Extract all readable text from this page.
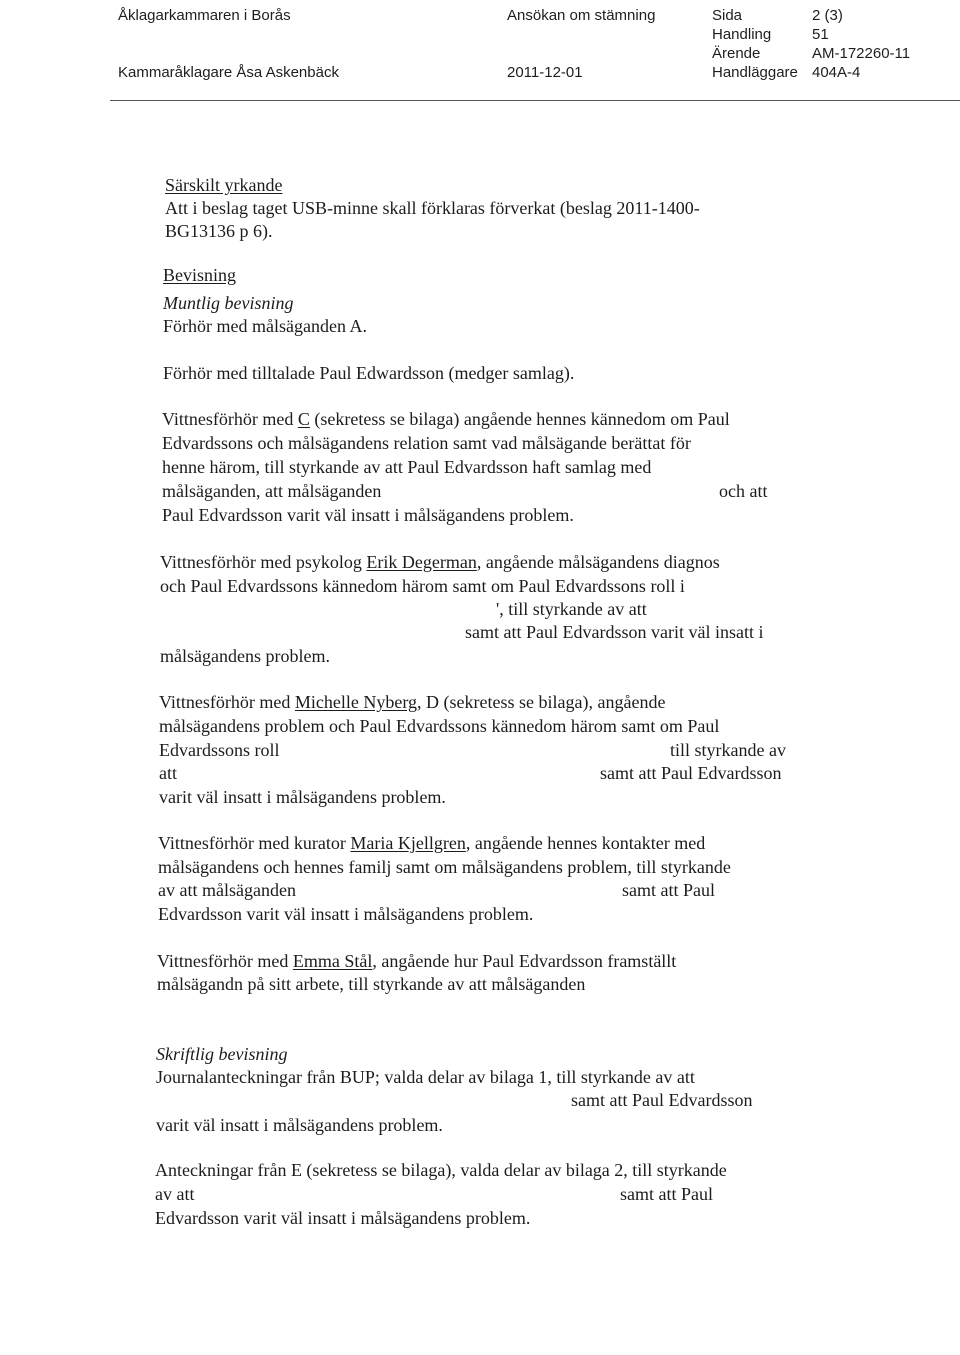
Åklagarkammaren i Borås	Ansökan om stämning
Kammaråklagare Åsa Askenbäck	2011-12-01
Sida	2 (3)
Handling	51
Ärende	AM-172260-11
Handläggare 404A-4
Särskilt yrkande
Att i beslag taget USB-minne skall förklaras förverkat (beslag 2011-1400-
BG13136 p 6).
Bevisning
Muntlig bevisning
Förhör med målsäganden A.
Förhör med tilltalade Paul Edwardsson (medger samlag).
Vittnesförhör med C (sekretess se bilaga) angående hennes kännedom om Paul
Edvardssons och målsägandens relation samt vad målsägande berättat för
henne härom, till styrkande av att Paul Edvardsson haft samlag med
målsäganden, att målsäganden	och att
Paul Edvardsson varit väl insatt i målsägandens problem.
Vittnesförhör med psykolog Erik Degerman, angående målsägandens diagnos
och Paul Edvardssons kännedom härom samt om Paul Edvardssons roll i
', till styrkande av att
samt att Paul Edvardsson varit väl insatt i
målsägandens problem.
Vittnesförhör med Michelle Nyberg, D (sekretess se bilaga), angående
målsägandens problem och Paul Edvardssons kännedom härom samt om Paul
Edvardssons roll	till styrkande av
att	samt att Paul Edvardsson
varit väl insatt i målsägandens problem.
Vittnesförhör med kurator Maria Kjellgren, angående hennes kontakter med
målsägandens och hennes familj samt om målsägandens problem, till styrkande
av att målsäganden	samt att Paul
Edvardsson varit väl insatt i målsägandens problem.
Vittnesförhör med Emma Stål, angående hur Paul Edvardsson framställt
målsägandn på sitt arbete, till styrkande av att målsäganden
Skriftlig bevisning
Journalanteckningar från BUP; valda delar av bilaga 1, till styrkande av att
samt att Paul Edvardsson
varit väl insatt i målsägandens problem.
Anteckningar från E (sekretess se bilaga), valda delar av bilaga 2, till styrkande
av att	samt att Paul
Edvardsson varit väl insatt i målsägandens problem.
